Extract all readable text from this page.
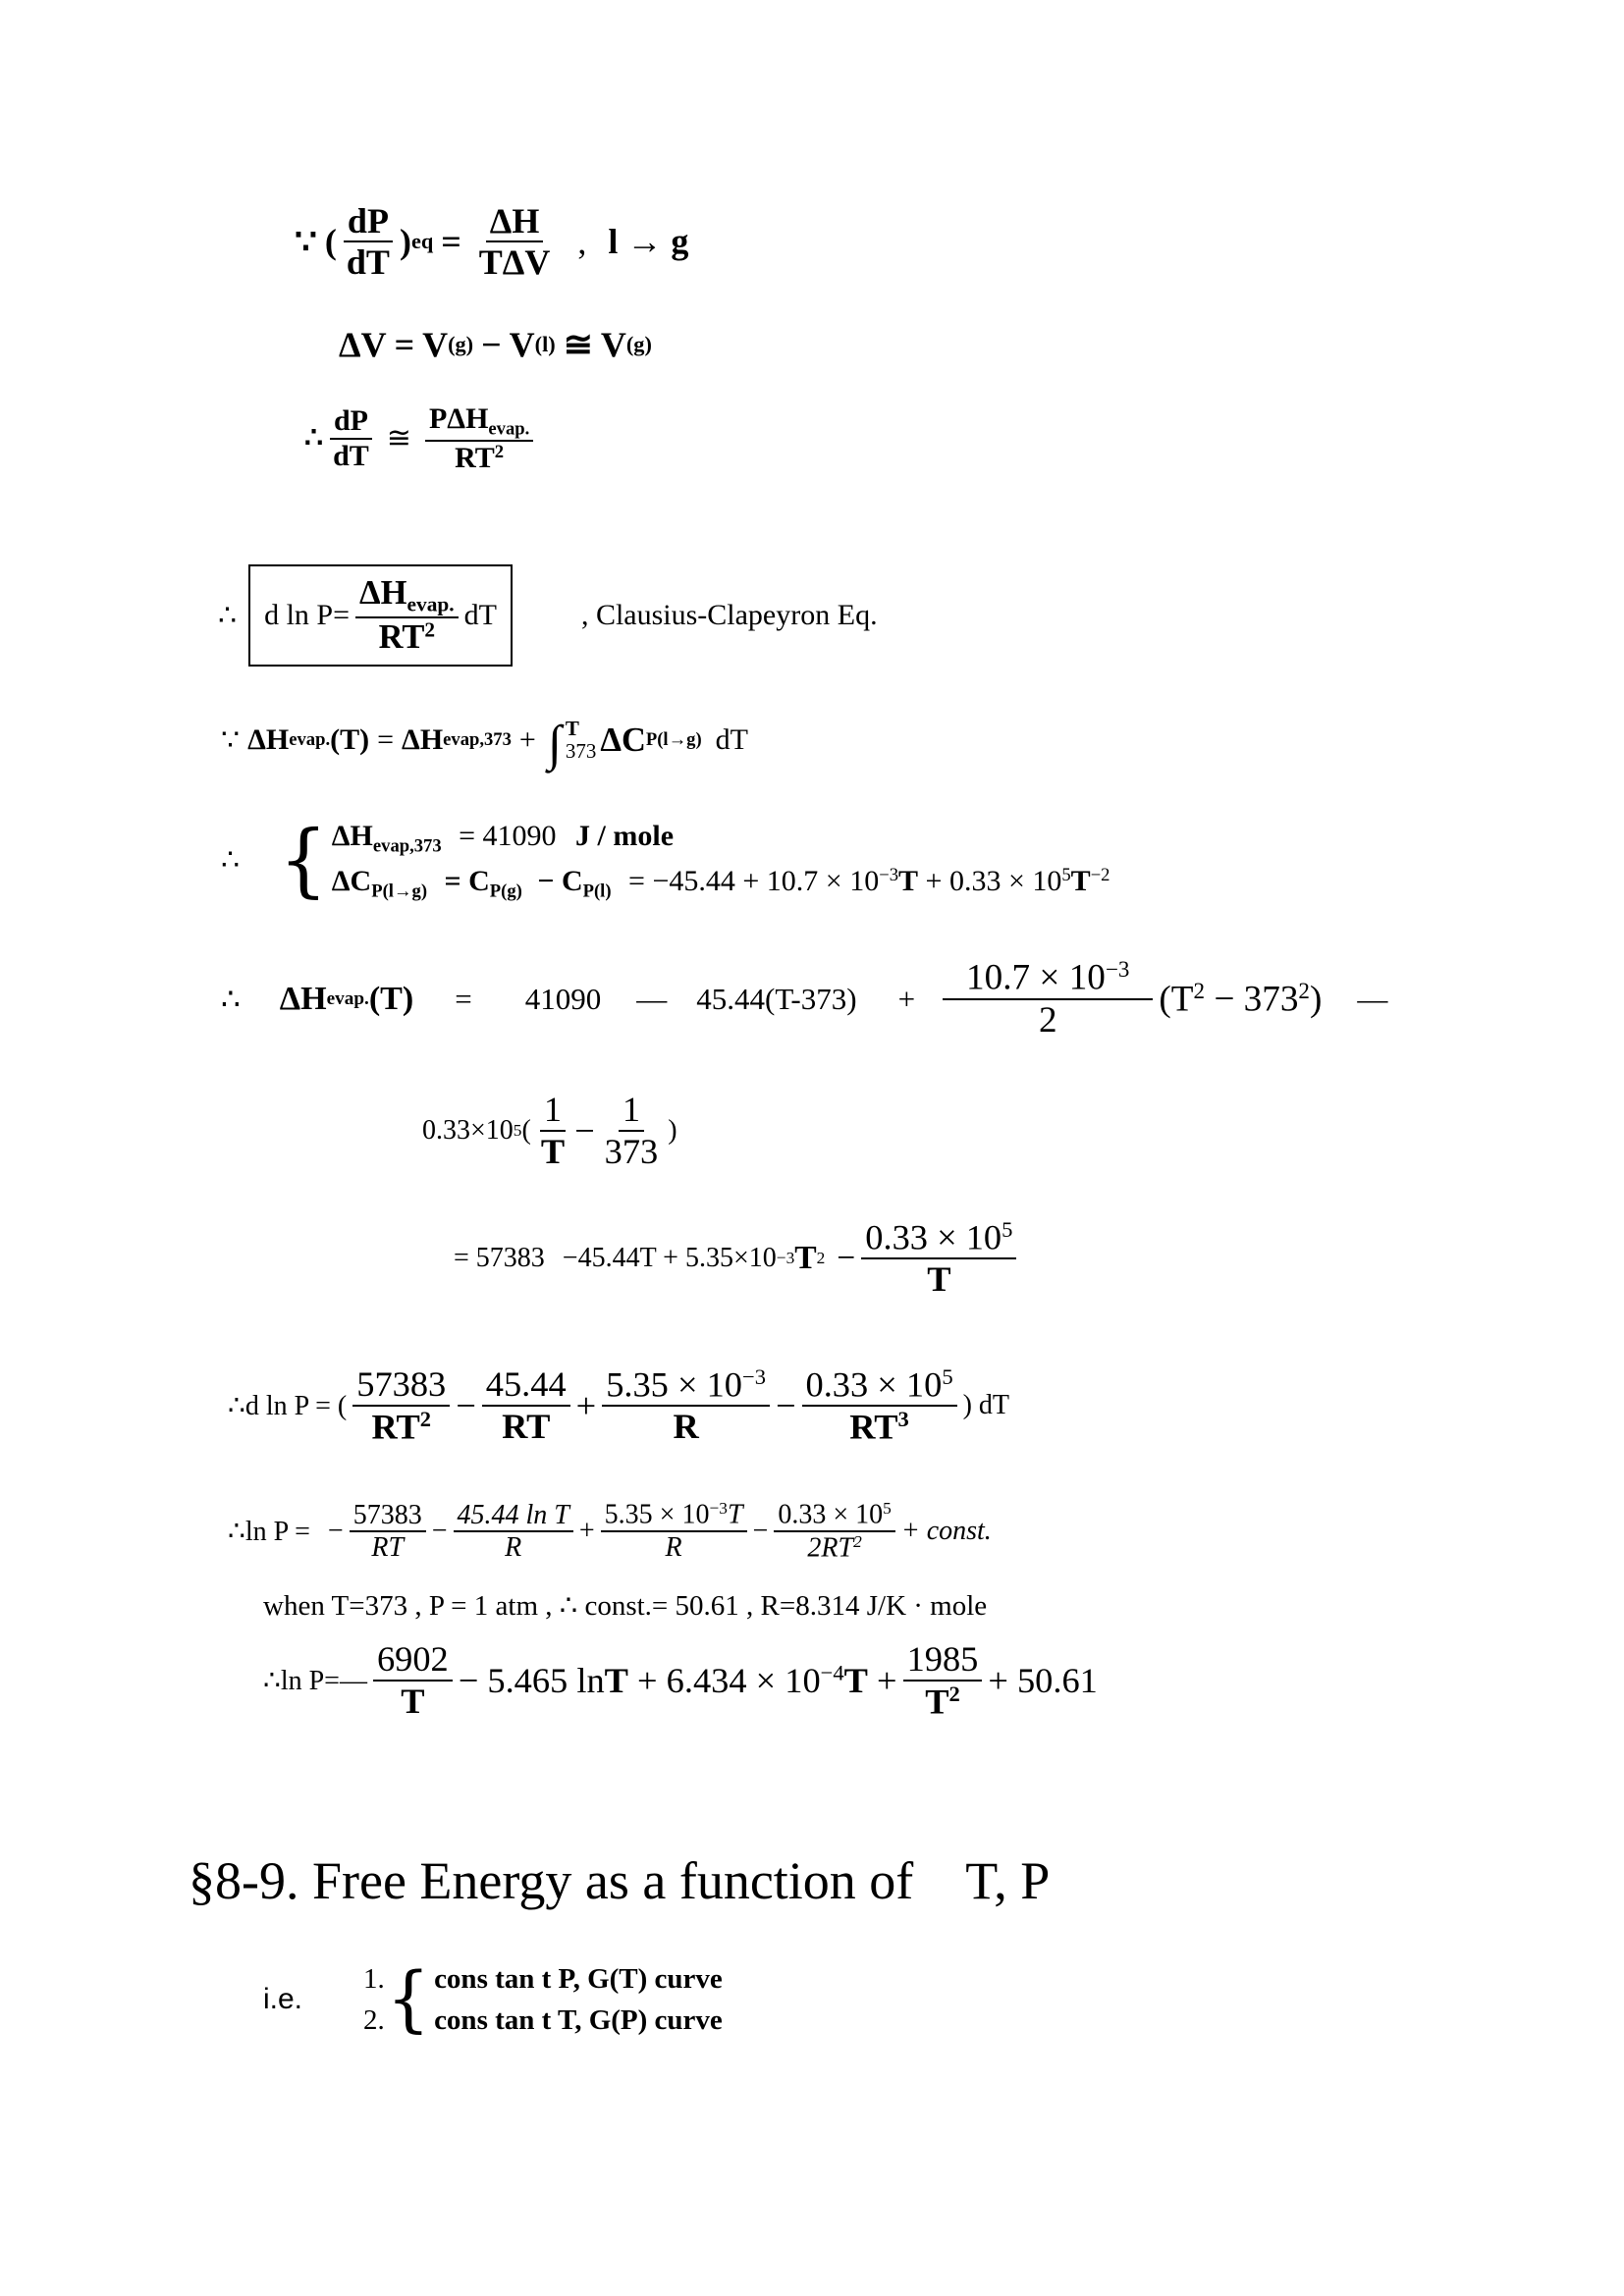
∵ ( $\frac{dP}{dT}$ ) eq = $\frac{\Delta H}{\text{TΔV}}$ , l → g
ΔV = V (g) − V (l) ≅ V (g)
∴ $\frac{dP}{dT}$ ≅ $\frac{P\Delta H_{evap.}}{RT^2}$
∴ d $\ln P= \frac{\Delta H_{evap.}}{RT^2}$ dT	, Clausius-Clapeyron Eq.
∵ ΔH evap. (T) = ΔH evap,373 + ∫ T
373 ΔC P(l→g) dT
∴ { $\Delta H_{evap,373} = 41090$ J / mole
$\Delta C_{P(l\to g)} = C_{P(g)} - C_{P(l)} = -45.44 + 10.7 \times 10^{-3}T + 0.33 \times 10^5T^{-2}$
∴ ΔH evap. (T) = 41090 — $45.44(T-373) + \frac{10.7 \times 10^{-3}}{2} (T^2 - 373^2)$ —
0.33×10 5 ( $\frac{1}{T} - \frac{1}{373}$ )
= 57383 −45.44T + 5.35×10 −3 T $2 - \frac{0.33 \times 10^5}{T}$
∴d ln P = ( $\frac{57383}{RT^2} - \frac{45.44}{RT} + \frac{5.35 \times 10^{-3}}{R} - \frac{0.33 \times 10^5}{RT^3}$ ) dT
∴ln P = − $\frac{57383}{RT} - \frac{\text{45.44 ln T}}{R} + \frac{5.35 \times 10^{-3}T}{R} - \frac{0.33 \times 10^5}{2RT^2}$ + const.
when T=373 , P = 1 atm , ∴ const.= 50.61 , R=8.314 J/K · mole
∴ln P=— $\frac{6902}{T} - 5.465$ $\ln T + 6.434 \times 10^{-4}T + \frac{1985}{T^2} + 50.61$
§8-9. Free Energy as a function of    T, P
i.e.
1.
2. { cons tan t P, G(T) curve
cons tan t T, G(P) curve
